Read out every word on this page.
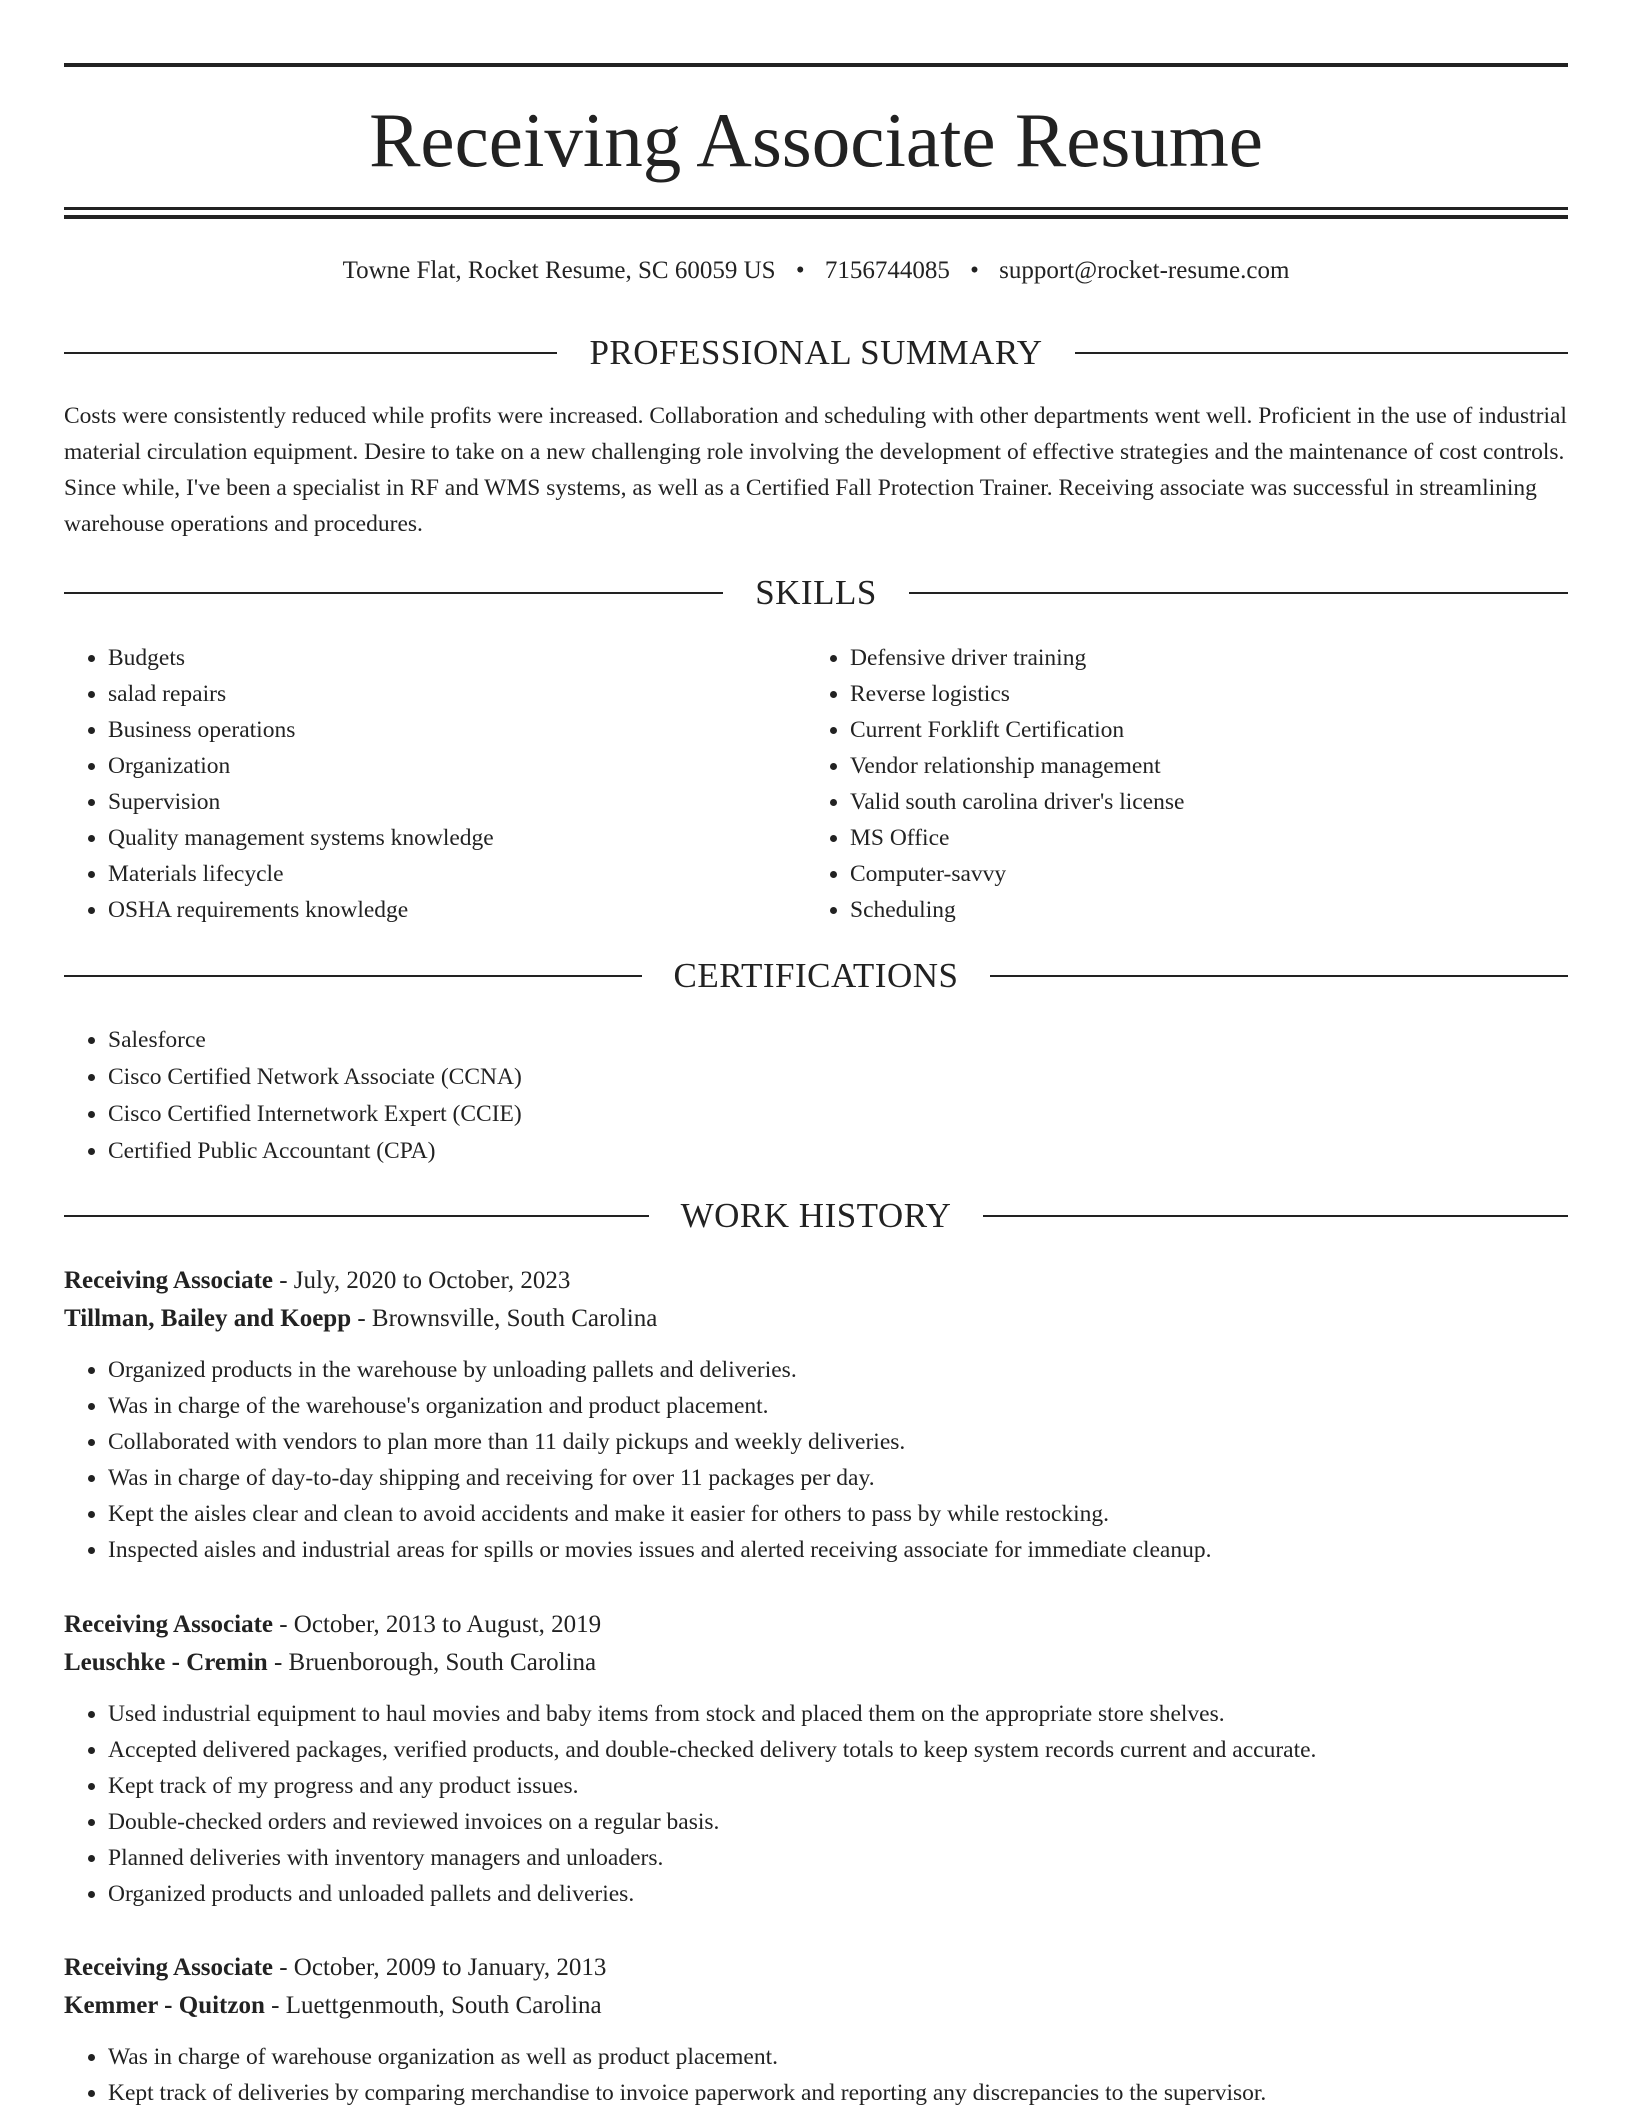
Receiving Associate Resume
Towne Flat, Rocket Resume, SC 60059 US • 7156744085 • support@rocket-resume.com
PROFESSIONAL SUMMARY

Costs were consistently reduced while profits were increased. Collaboration and scheduling with other departments went well. Proficient in the use of industrial material circulation equipment. Desire to take on a new challenging role involving the development of effective strategies and the maintenance of cost controls. Since while, I've been a specialist in RF and WMS systems, as well as a Certified Fall Protection Trainer. Receiving associate was successful in streamlining warehouse operations and procedures.

SKILLS
• Budgets
• salad repairs
• Business operations
• Organization
• Supervision
• Quality management systems knowledge
• Materials lifecycle
• OSHA requirements knowledge
• Defensive driver training
• Reverse logistics
• Current Forklift Certification
• Vendor relationship management
• Valid south carolina driver's license
• MS Office
• Computer-savvy
• Scheduling
CERTIFICATIONS
• Salesforce
• Cisco Certified Network Associate (CCNA)
• Cisco Certified Internetwork Expert (CCIE)
• Certified Public Accountant (CPA)
WORK HISTORY
Receiving Associate - July, 2020 to October, 2023
Tillman, Bailey and Koepp - Brownsville, South Carolina
• Organized products in the warehouse by unloading pallets and deliveries.
• Was in charge of the warehouse's organization and product placement.
• Collaborated with vendors to plan more than 11 daily pickups and weekly deliveries.
• Was in charge of day-to-day shipping and receiving for over 11 packages per day.
• Kept the aisles clear and clean to avoid accidents and make it easier for others to pass by while restocking.
• Inspected aisles and industrial areas for spills or movies issues and alerted receiving associate for immediate cleanup.
Receiving Associate - October, 2013 to August, 2019
Leuschke - Cremin - Bruenborough, South Carolina
• Used industrial equipment to haul movies and baby items from stock and placed them on the appropriate store shelves.
• Accepted delivered packages, verified products, and double-checked delivery totals to keep system records current and accurate.
• Kept track of my progress and any product issues.
• Double-checked orders and reviewed invoices on a regular basis.
• Planned deliveries with inventory managers and unloaders.
• Organized products and unloaded pallets and deliveries.
Receiving Associate - October, 2009 to January, 2013
Kemmer - Quitzon - Luettgenmouth, South Carolina
• Was in charge of warehouse organization as well as product placement.
• Kept track of deliveries by comparing merchandise to invoice paperwork and reporting any discrepancies to the supervisor.
